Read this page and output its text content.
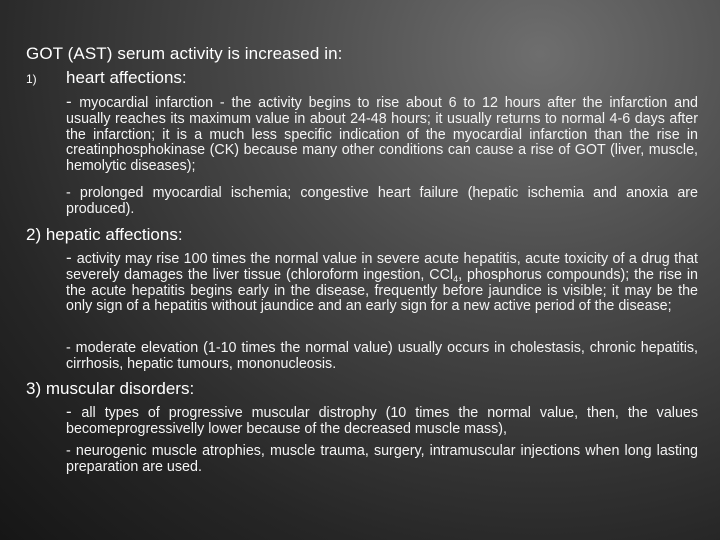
GOT (AST) serum activity is increased in:
1) heart affections:
- myocardial infarction - the activity begins to rise about 6 to 12 hours after the infarction and usually reaches its maximum value in about 24-48 hours; it usually returns to normal 4-6 days after the infarction; it is a much less specific indication of the myocardial infarction than the rise in creatinphosphokinase (CK) because many other conditions can cause a rise of GOT (liver, muscle, hemolytic diseases);
- prolonged myocardial ischemia; congestive heart failure (hepatic ischemia and anoxia are produced).
2) hepatic affections:
- activity may rise 100 times the normal value in severe acute hepatitis, acute toxicity of a drug that severely damages the liver tissue (chloroform ingestion, CCl$_4$, phosphorus compounds); the rise in the acute hepatitis begins early in the disease, frequently before jaundice is visible; it may be the only sign of a hepatitis without jaundice and an early sign for a new active period of the disease;
- moderate elevation (1-10 times the normal value) usually occurs in cholestasis, chronic hepatitis, cirrhosis, hepatic tumours, mononucleosis.
3) muscular disorders:
- all types of progressive muscular distrophy (10 times the normal value, then, the values becomeprogressivelly lower because of the decreased muscle mass),
- neurogenic muscle atrophies, muscle trauma, surgery, intramuscular injections when long lasting preparation are used.
